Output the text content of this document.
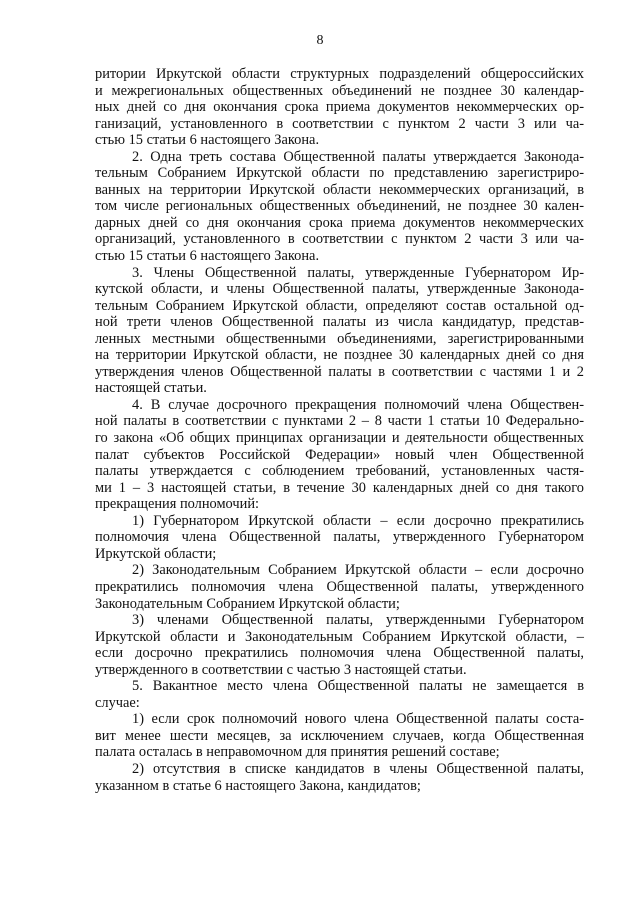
8
ритории Иркутской области структурных подразделений общероссийских
и межрегиональных общественных объединений не позднее 30 календар-
ных дней со дня окончания срока приема документов некоммерческих ор-
ганизаций, установленного в соответствии с пунктом 2 части 3 или ча-
стью 15 статьи 6 настоящего Закона.
2. Одна треть состава Общественной палаты утверждается Законода-
тельным Собранием Иркутской области по представлению зарегистриро-
ванных на территории Иркутской области некоммерческих организаций, в
том числе региональных общественных объединений, не позднее 30 кален-
дарных дней со дня окончания срока приема документов некоммерческих
организаций, установленного в соответствии с пунктом 2 части 3 или ча-
стью 15 статьи 6 настоящего Закона.
3. Члены Общественной палаты, утвержденные Губернатором Ир-
кутской области, и члены Общественной палаты, утвержденные Законода-
тельным Собранием Иркутской области, определяют состав остальной од-
ной трети членов Общественной палаты из числа кандидатур, представ-
ленных местными общественными объединениями, зарегистрированными
на территории Иркутской области, не позднее 30 календарных дней со дня
утверждения членов Общественной палаты в соответствии с частями 1 и 2
настоящей статьи.
4. В случае досрочного прекращения полномочий члена Обществен-
ной палаты в соответствии с пунктами 2 – 8 части 1 статьи 10 Федерально-
го закона «Об общих принципах организации и деятельности общественных
палат субъектов Российской Федерации» новый член Общественной
палаты утверждается с соблюдением требований, установленных частя-
ми 1 – 3 настоящей статьи, в течение 30 календарных дней со дня такого
прекращения полномочий:
1) Губернатором Иркутской области – если досрочно прекратились
полномочия члена Общественной палаты, утвержденного Губернатором
Иркутской области;
2) Законодательным Собранием Иркутской области – если досрочно
прекратились полномочия члена Общественной палаты, утвержденного
Законодательным Собранием Иркутской области;
3) членами Общественной палаты, утвержденными Губернатором
Иркутской области и Законодательным Собранием Иркутской области, –
если досрочно прекратились полномочия члена Общественной палаты,
утвержденного в соответствии с частью 3 настоящей статьи.
5. Вакантное место члена Общественной палаты не замещается в
случае:
1) если срок полномочий нового члена Общественной палаты соста-
вит менее шести месяцев, за исключением случаев, когда Общественная
палата осталась в неправомочном для принятия решений составе;
2) отсутствия в списке кандидатов в члены Общественной палаты,
указанном в статье 6 настоящего Закона, кандидатов;
